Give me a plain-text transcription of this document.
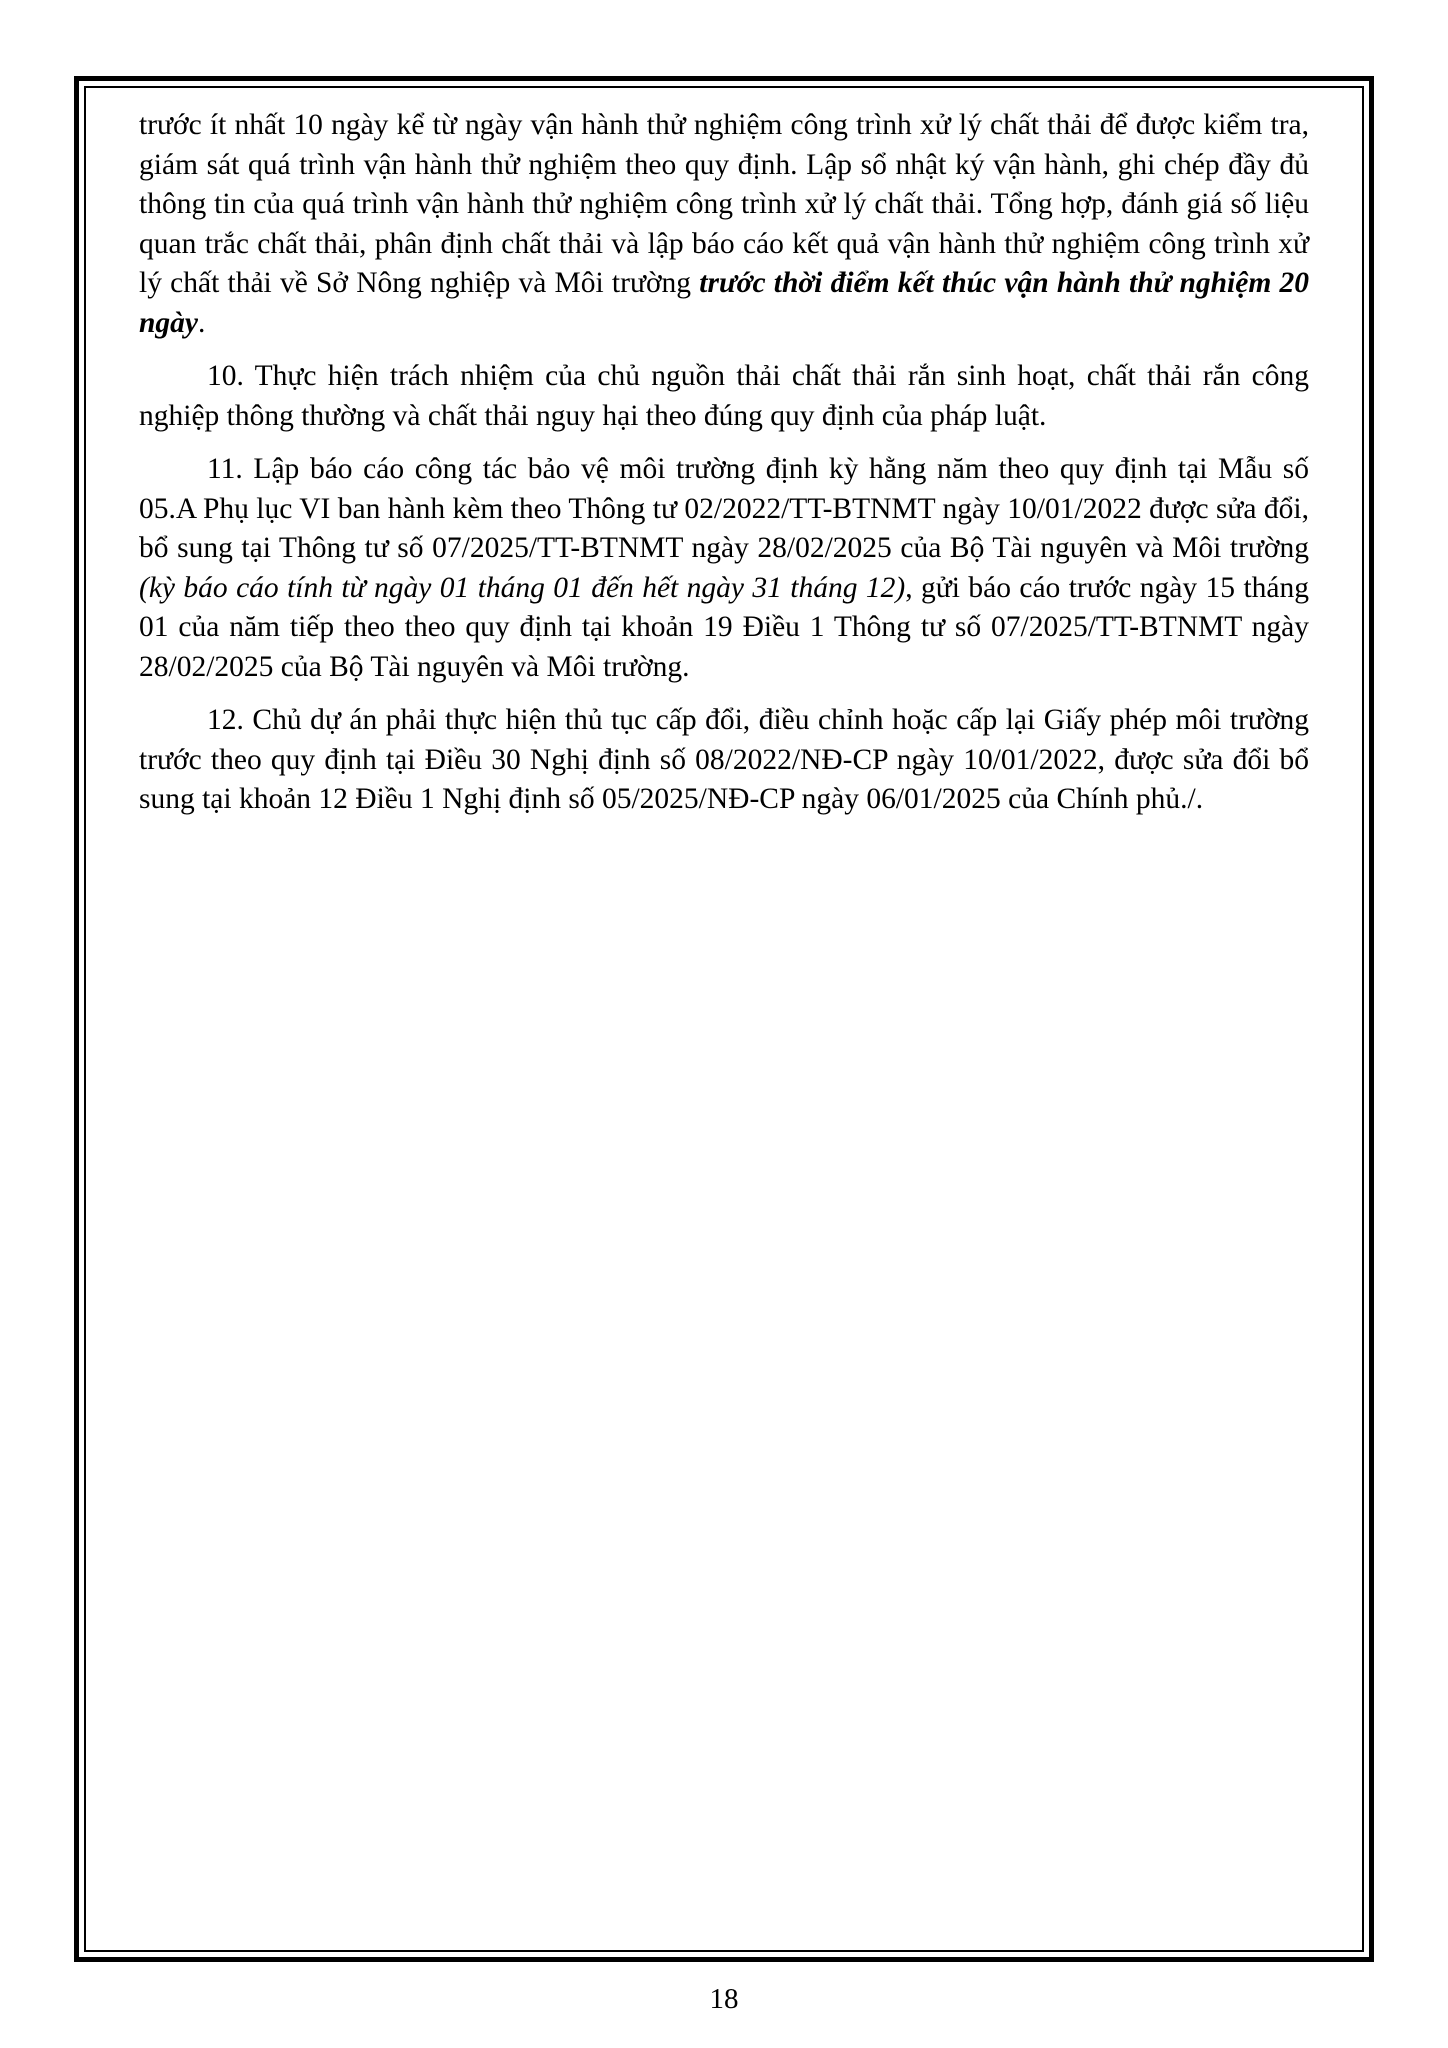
trước ít nhất 10 ngày kể từ ngày vận hành thử nghiệm công trình xử lý chất thải để được kiểm tra, giám sát quá trình vận hành thử nghiệm theo quy định. Lập sổ nhật ký vận hành, ghi chép đầy đủ thông tin của quá trình vận hành thử nghiệm công trình xử lý chất thải. Tổng hợp, đánh giá số liệu quan trắc chất thải, phân định chất thải và lập báo cáo kết quả vận hành thử nghiệm công trình xử lý chất thải về Sở Nông nghiệp và Môi trường trước thời điểm kết thúc vận hành thử nghiệm 20 ngày.

10. Thực hiện trách nhiệm của chủ nguồn thải chất thải rắn sinh hoạt, chất thải rắn công nghiệp thông thường và chất thải nguy hại theo đúng quy định của pháp luật.

11. Lập báo cáo công tác bảo vệ môi trường định kỳ hằng năm theo quy định tại Mẫu số 05.A Phụ lục VI ban hành kèm theo Thông tư 02/2022/TT-BTNMT ngày 10/01/2022 được sửa đổi, bổ sung tại Thông tư số 07/2025/TT-BTNMT ngày 28/02/2025 của Bộ Tài nguyên và Môi trường (kỳ báo cáo tính từ ngày 01 tháng 01 đến hết ngày 31 tháng 12), gửi báo cáo trước ngày 15 tháng 01 của năm tiếp theo theo quy định tại khoản 19 Điều 1 Thông tư số 07/2025/TT-BTNMT ngày 28/02/2025 của Bộ Tài nguyên và Môi trường.

12. Chủ dự án phải thực hiện thủ tục cấp đổi, điều chỉnh hoặc cấp lại Giấy phép môi trường trước theo quy định tại Điều 30 Nghị định số 08/2022/NĐ-CP ngày 10/01/2022, được sửa đổi bổ sung tại khoản 12 Điều 1 Nghị định số 05/2025/NĐ-CP ngày 06/01/2025 của Chính phủ./.

18
